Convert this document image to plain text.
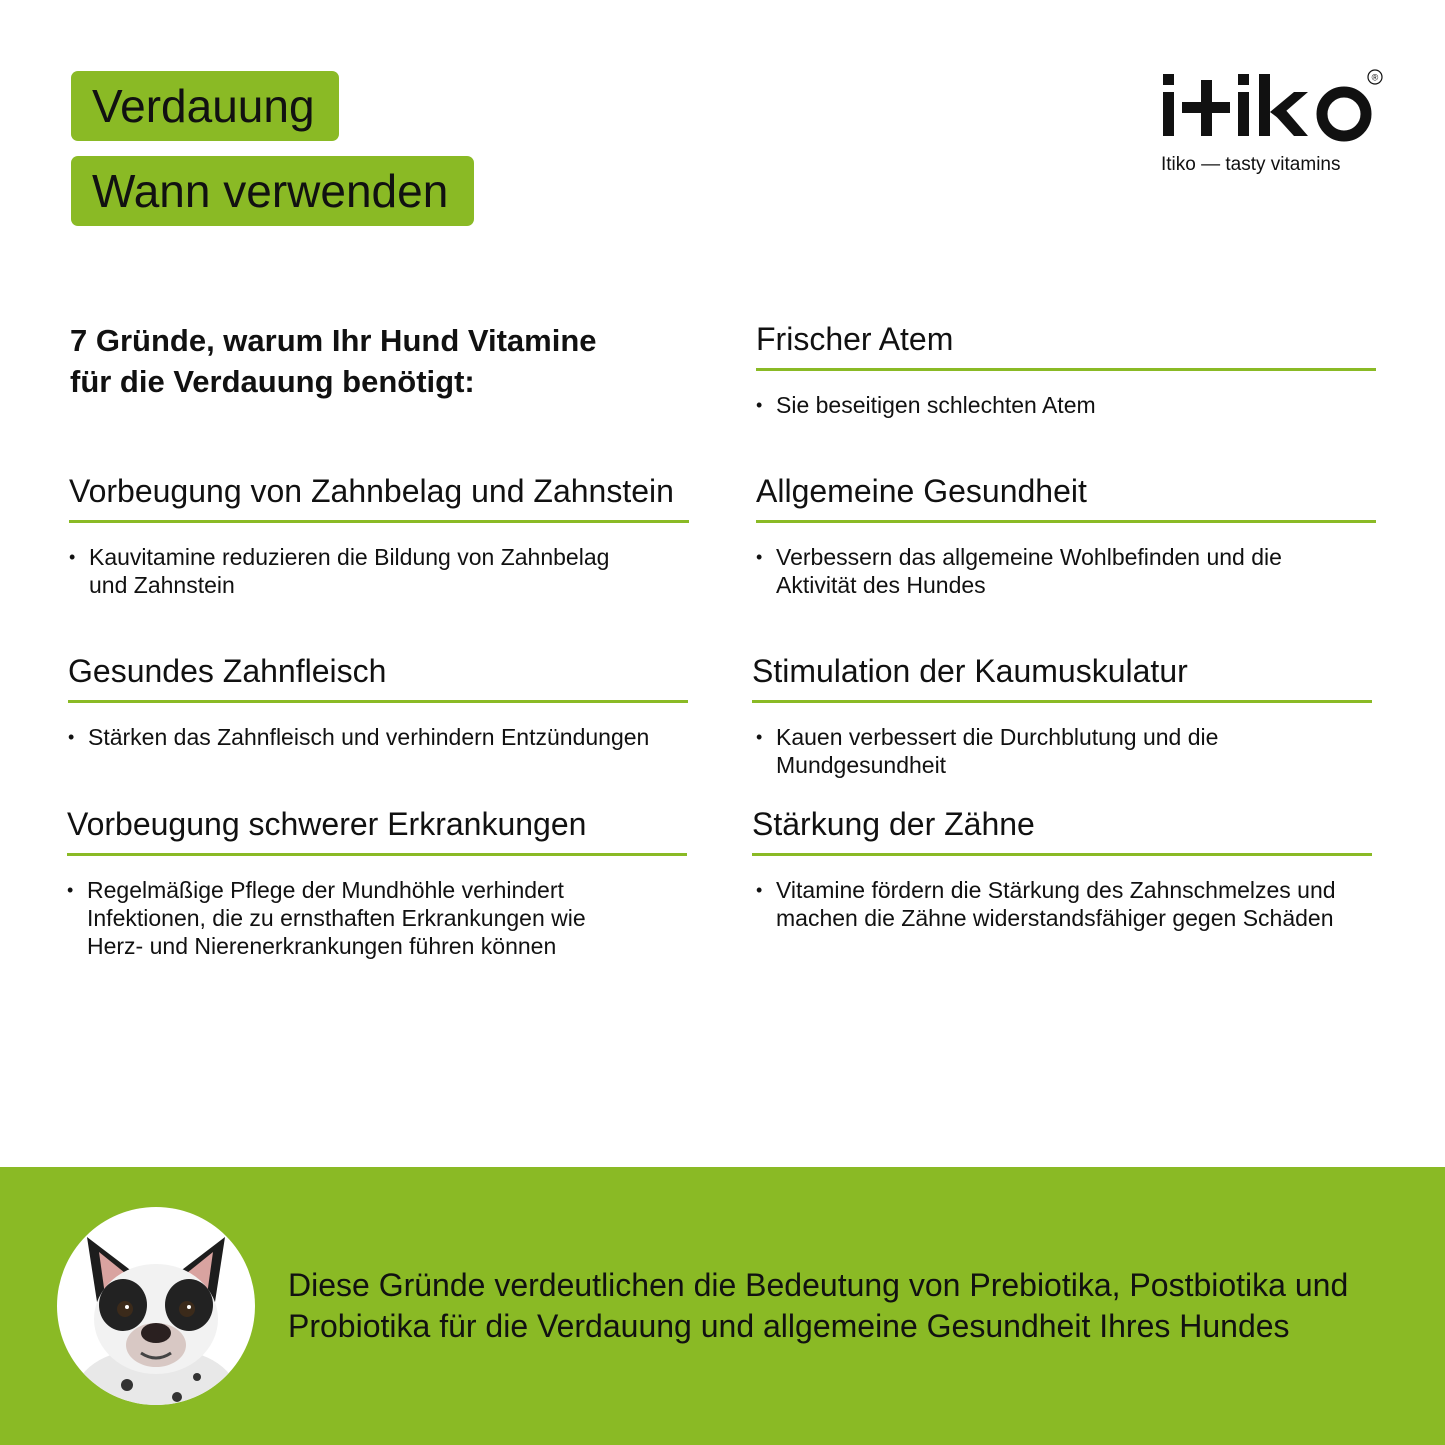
Verdauung
Wann verwenden
®
Itiko — tasty vitamins
7 Gründe, warum Ihr Hund Vitamine
für die Verdauung benötigt:
Vorbeugung von Zahnbelag und Zahnstein
• Kauvitamine reduzieren die Bildung von Zahnbelag und Zahnstein
Gesundes Zahnfleisch
• Stärken das Zahnfleisch und verhindern Entzündungen
Vorbeugung schwerer Erkrankungen
• Regelmäßige Pflege der Mundhöhle verhindert Infektionen, die zu ernsthaften Erkrankungen wie Herz- und Nierenerkrankungen führen können
Frischer Atem
• Sie beseitigen schlechten Atem
Allgemeine Gesundheit
• Verbessern das allgemeine Wohlbefinden und die Aktivität des Hundes
Stimulation der Kaumuskulatur
• Kauen verbessert die Durchblutung und die Mundgesundheit
Stärkung der Zähne
• Vitamine fördern die Stärkung des Zahnschmelzes und machen die Zähne widerstandsfähiger gegen Schäden
Diese Gründe verdeutlichen die Bedeutung von Prebiotika, Postbiotika und Probiotika für die Verdauung und allgemeine Gesundheit Ihres Hundes
